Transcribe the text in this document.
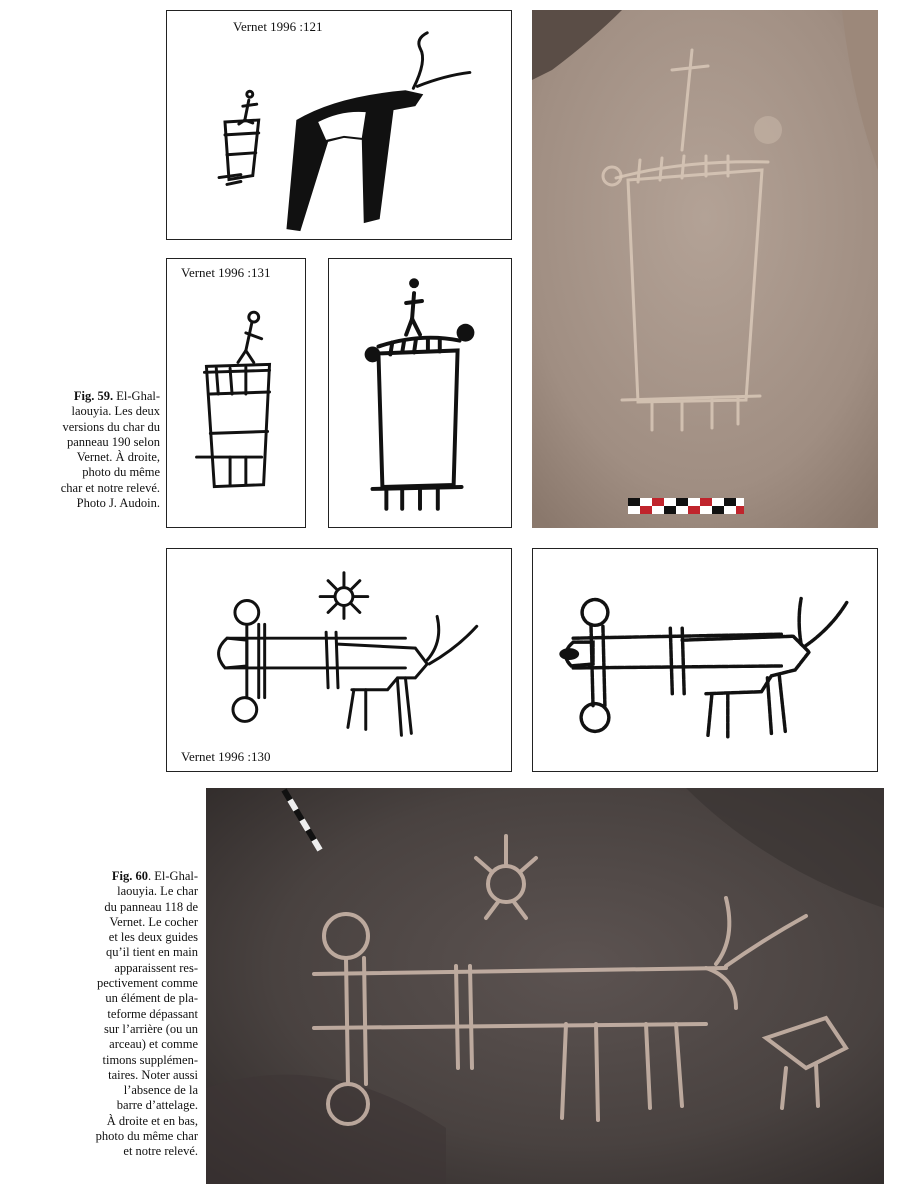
Vernet 1996 :121
Vernet 1996 :131
Fig. 59. El-Ghal-
laouyia. Les deux
versions du char du
panneau 190 selon
Vernet. À droite,
photo du même
char et notre relevé.
Photo J. Audoin.
Vernet 1996 :130
Fig. 60. El-Ghal-
laouyia. Le char
du panneau 118 de
Vernet. Le cocher
et les deux guides
qu’il tient en main
apparaissent res-
pectivement comme
un élément de pla-
teforme dépassant
sur l’arrière (ou un
arceau) et comme
timons supplémen-
taires. Noter aussi
l’absence de la
barre d’attelage.
À droite et en bas,
photo du même char
et notre relevé.
